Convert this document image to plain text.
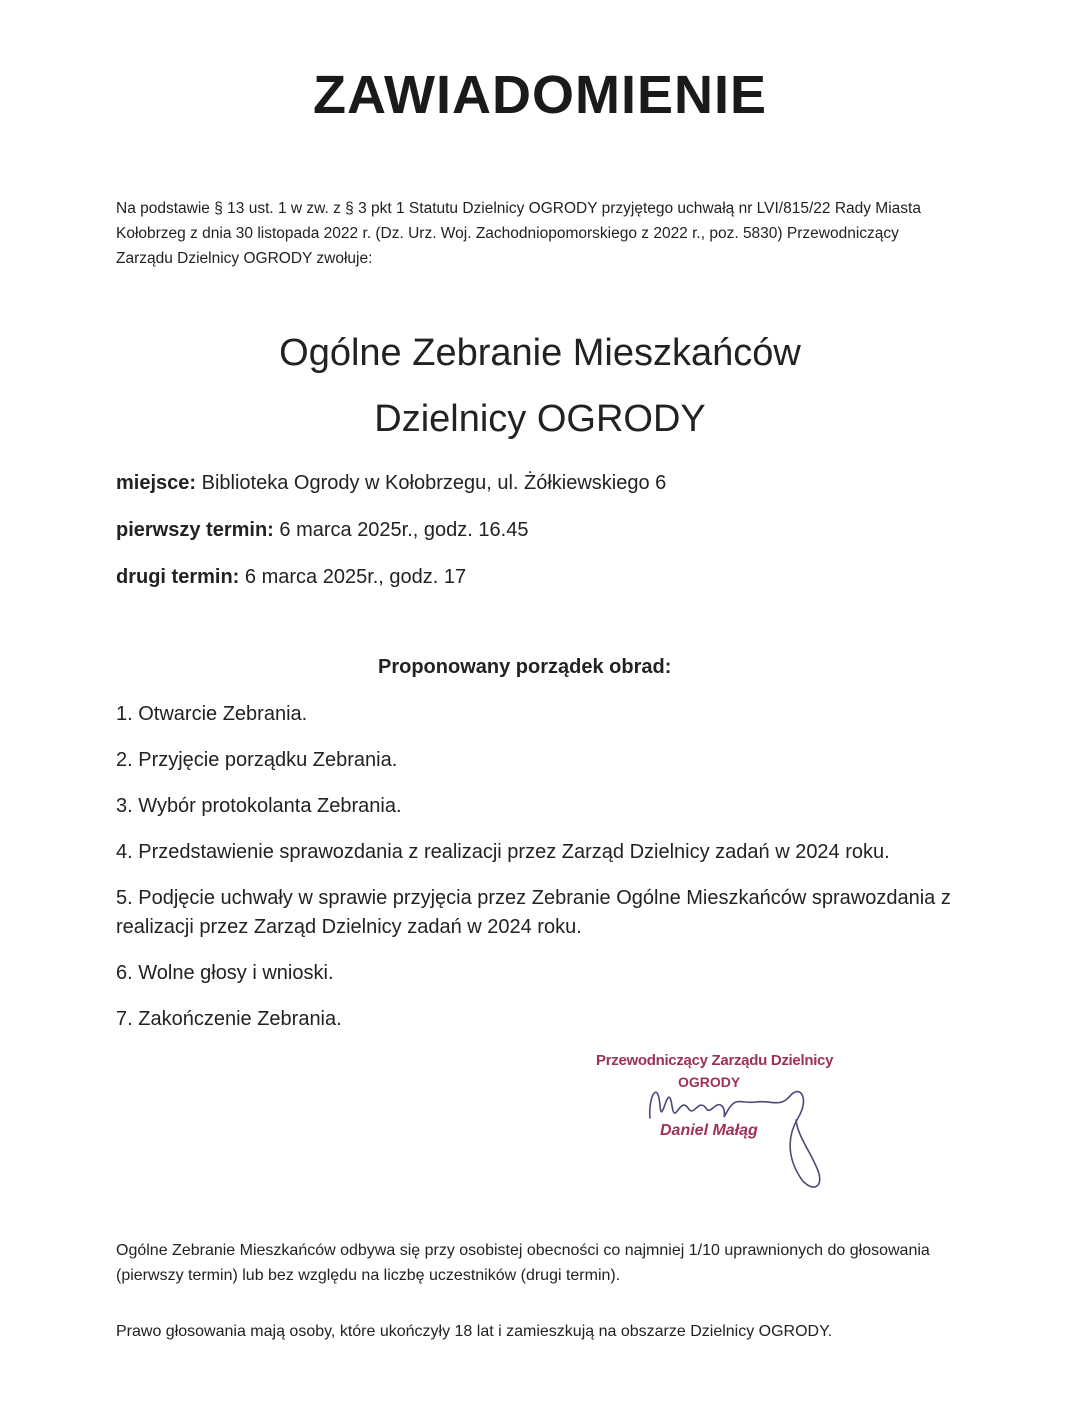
ZAWIADOMIENIE
Na podstawie § 13 ust. 1 w zw. z § 3 pkt 1 Statutu Dzielnicy OGRODY przyjętego uchwałą nr LVI/815/22 Rady Miasta Kołobrzeg z dnia 30 listopada 2022 r. (Dz. Urz. Woj. Zachodniopomorskiego z 2022 r., poz. 5830) Przewodniczący Zarządu Dzielnicy OGRODY zwołuje:
Ogólne Zebranie Mieszkańców
Dzielnicy OGRODY
miejsce: Biblioteka Ogrody w Kołobrzegu, ul. Żółkiewskiego 6
pierwszy termin: 6 marca 2025r., godz. 16.45
drugi termin: 6 marca 2025r., godz. 17
Proponowany porządek obrad:
1. Otwarcie Zebrania.
2. Przyjęcie porządku Zebrania.
3. Wybór protokolanta Zebrania.
4. Przedstawienie sprawozdania z realizacji przez Zarząd Dzielnicy zadań w 2024 roku.
5. Podjęcie uchwały w sprawie przyjęcia przez Zebranie Ogólne Mieszkańców sprawozdania z realizacji przez Zarząd Dzielnicy zadań w 2024 roku.
6. Wolne głosy i wnioski.
7. Zakończenie Zebrania.
Przewodniczący Zarządu Dzielnicy
OGRODY
Daniel Małąg
Ogólne Zebranie Mieszkańców odbywa się przy osobistej obecności co najmniej 1/10 uprawnionych do głosowania (pierwszy termin) lub bez względu na liczbę uczestników (drugi termin).
Prawo głosowania mają osoby, które ukończyły 18 lat i zamieszkują na obszarze Dzielnicy OGRODY.
